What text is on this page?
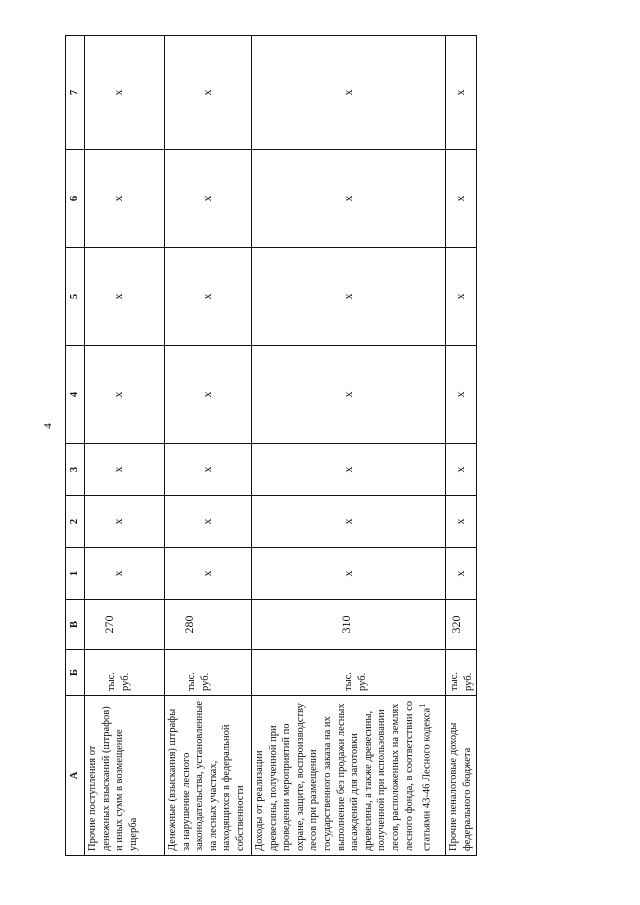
4
А	Б	В	1	2	3	4	5	6	7
Прочие поступления от денежных взысканий (штрафов) и иных сумм в возмещение ущерба	тыс. руб.	270	х	х	х	х	х	х	х
Денежные (взыскания) штрафы за нарушение лесного законодательства, установленные на лесных участках, находящихся в федеральной собственности	тыс. руб.	280	х	х	х	х	х	х	х
Доходы от реализации древесины, полученной при проведении мероприятий по охране, защите, воспроизводству лесов при размещении государственного заказа на их выполнение без продажи лесных насаждений для заготовки древесины, а также древесины, полученной при использовании лесов, расположенных на землях лесного фонда, в соответствии со статьями 43-46 Лесного кодекса$^1$	тыс. руб.	310	х	х	х	х	х	х	х
Прочие неналоговые доходы федерального бюджета	тыс. руб.	320	х	х	х	х	х	х	х
